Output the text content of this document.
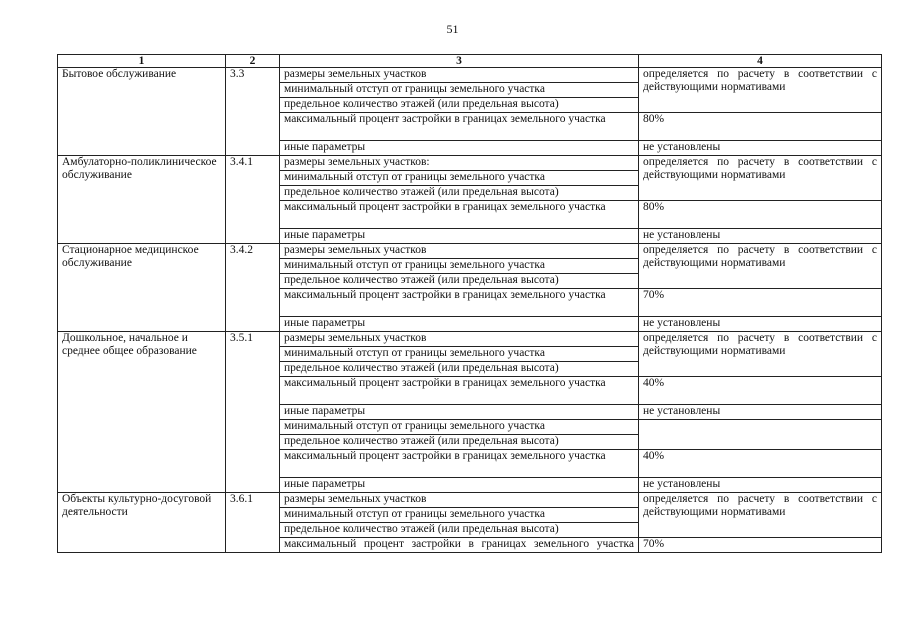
51
1	2	3	4
Бытовое обслуживание	3.3	размеры земельных участков	определяется по расчету в соответствии с действующими нормативами
		минимальный отступ от границы земельного участка	
		предельное количество этажей (или предельная высота)	
		максимальный процент застройки в границах земельного участка	80%
		иные параметры	не установлены
Амбулаторно-поликлиническое обслуживание	3.4.1	размеры земельных участков:	определяется по расчету в соответствии с действующими нормативами
		минимальный отступ от границы земельного участка	
		предельное количество этажей (или предельная высота)	
		максимальный процент застройки в границах земельного участка	80%
		иные параметры	не установлены
Стационарное медицинское обслуживание	3.4.2	размеры земельных участков	определяется по расчету в соответствии с действующими нормативами
		минимальный отступ от границы земельного участка	
		предельное количество этажей (или предельная высота)	
		максимальный процент застройки в границах земельного участка	70%
		иные параметры	не установлены
Дошкольное, начальное и среднее общее образование	3.5.1	размеры земельных участков	определяется по расчету в соответствии с действующими нормативами
		минимальный отступ от границы земельного участка	
		предельное количество этажей (или предельная высота)	
		максимальный процент застройки в границах земельного участка	40%
		иные параметры	не установлены
		минимальный отступ от границы земельного участка	
		предельное количество этажей (или предельная высота)	
		максимальный процент застройки в границах земельного участка	40%
		иные параметры	не установлены
Объекты культурно-досуговой деятельности	3.6.1	размеры земельных участков	определяется по расчету в соответствии с действующими нормативами
		минимальный отступ от границы земельного участка	
		предельное количество этажей (или предельная высота)	
		максимальный процент застройки в границах земельного участка	70%
